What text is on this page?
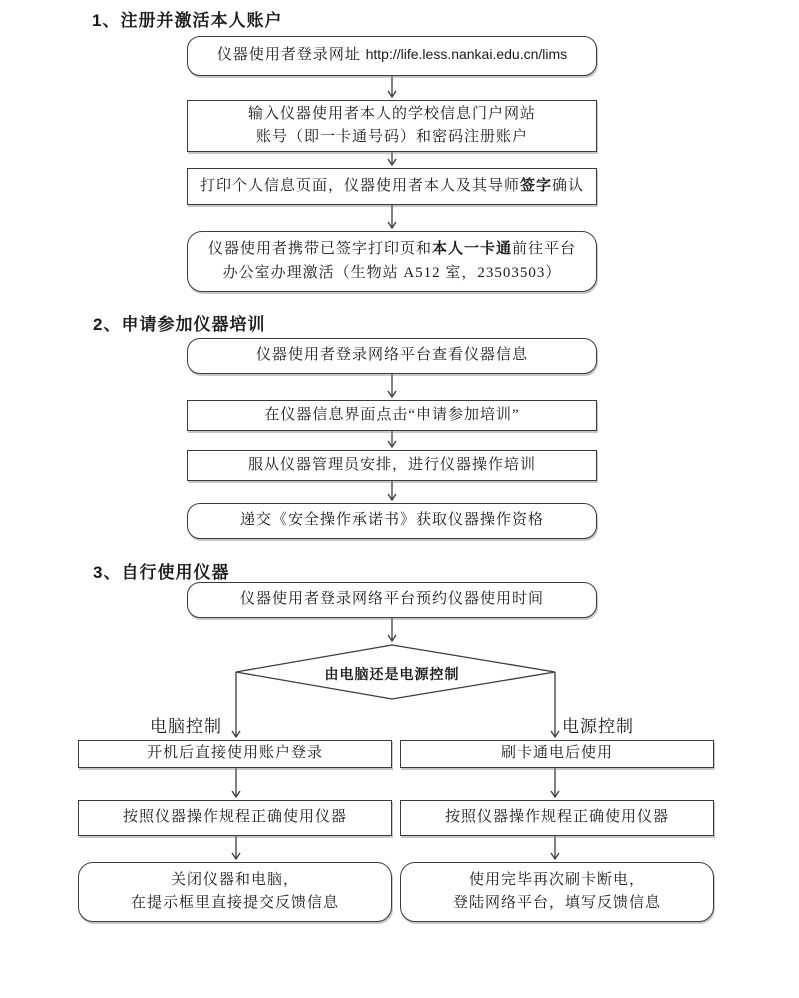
1、注册并激活本人账户
仪器使用者登录网址 http://life.less.nankai.edu.cn/lims
输入仪器使用者本人的学校信息门户网站
账号（即一卡通号码）和密码注册账户
打印个人信息页面，仪器使用者本人及其导师签字确认
仪器使用者携带已签字打印页和本人一卡通前往平台
办公室办理激活（生物站 A512 室，23503503）
2、申请参加仪器培训
仪器使用者登录网络平台查看仪器信息
在仪器信息界面点击“申请参加培训”
服从仪器管理员安排，进行仪器操作培训
递交《安全操作承诺书》获取仪器操作资格
3、自行使用仪器
仪器使用者登录网络平台预约仪器使用时间
由电脑还是电源控制
电脑控制	电源控制
开机后直接使用账户登录
按照仪器操作规程正确使用仪器
关闭仪器和电脑，
在提示框里直接提交反馈信息
刷卡通电后使用
按照仪器操作规程正确使用仪器
使用完毕再次刷卡断电，
登陆网络平台，填写反馈信息
